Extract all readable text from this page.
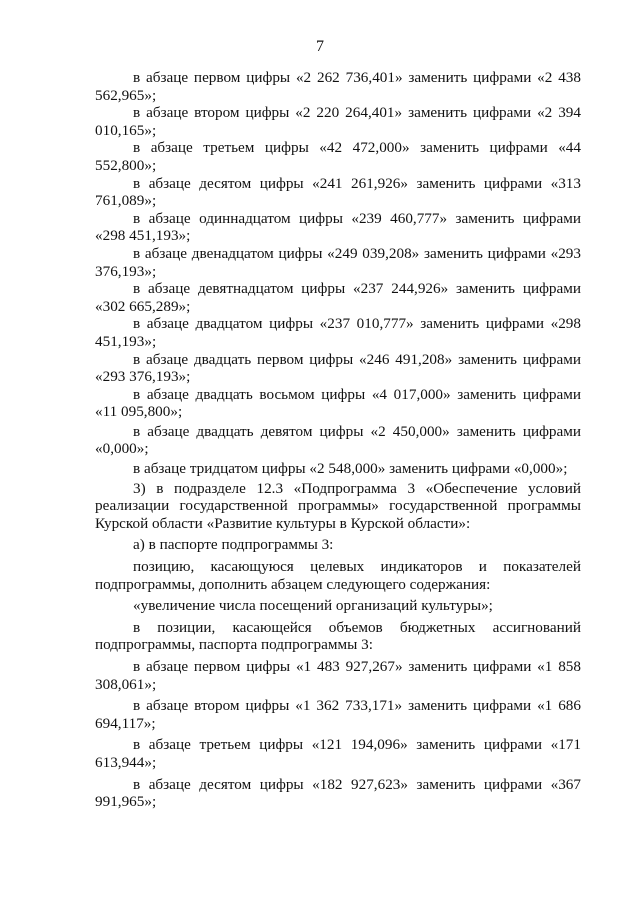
7

в абзаце первом цифры «2 262 736,401» заменить цифрами «2 438 562,965»;

в абзаце втором цифры «2 220 264,401» заменить цифрами «2 394 010,165»;

в абзаце третьем цифры «42 472,000» заменить цифрами «44 552,800»;

в абзаце десятом цифры «241 261,926» заменить цифрами «313 761,089»;

в абзаце одиннадцатом цифры «239 460,777» заменить цифрами «298 451,193»;

в абзаце двенадцатом цифры «249 039,208» заменить цифрами «293 376,193»;

в абзаце девятнадцатом цифры «237 244,926» заменить цифрами «302 665,289»;

в абзаце двадцатом цифры «237 010,777» заменить цифрами «298 451,193»;

в абзаце двадцать первом цифры «246 491,208» заменить цифрами «293 376,193»;

в абзаце двадцать восьмом цифры «4 017,000» заменить цифрами «11 095,800»;

в абзаце двадцать девятом цифры «2 450,000» заменить цифрами «0,000»;

в абзаце тридцатом цифры «2 548,000» заменить цифрами «0,000»;

3) в подразделе 12.3 «Подпрограмма 3 «Обеспечение условий реализации государственной программы» государственной программы Курской области «Развитие культуры в Курской области»:

а) в паспорте подпрограммы 3:

позицию, касающуюся целевых индикаторов и показателей подпрограммы, дополнить абзацем следующего содержания:

«увеличение числа посещений организаций культуры»;

в позиции, касающейся объемов бюджетных ассигнований подпрограммы, паспорта подпрограммы 3:

в абзаце первом цифры «1 483 927,267» заменить цифрами «1 858 308,061»;

в абзаце втором цифры «1 362 733,171» заменить цифрами «1 686 694,117»;

в абзаце третьем цифры «121 194,096» заменить цифрами «171 613,944»;

в абзаце десятом цифры «182 927,623» заменить цифрами «367 991,965»;
